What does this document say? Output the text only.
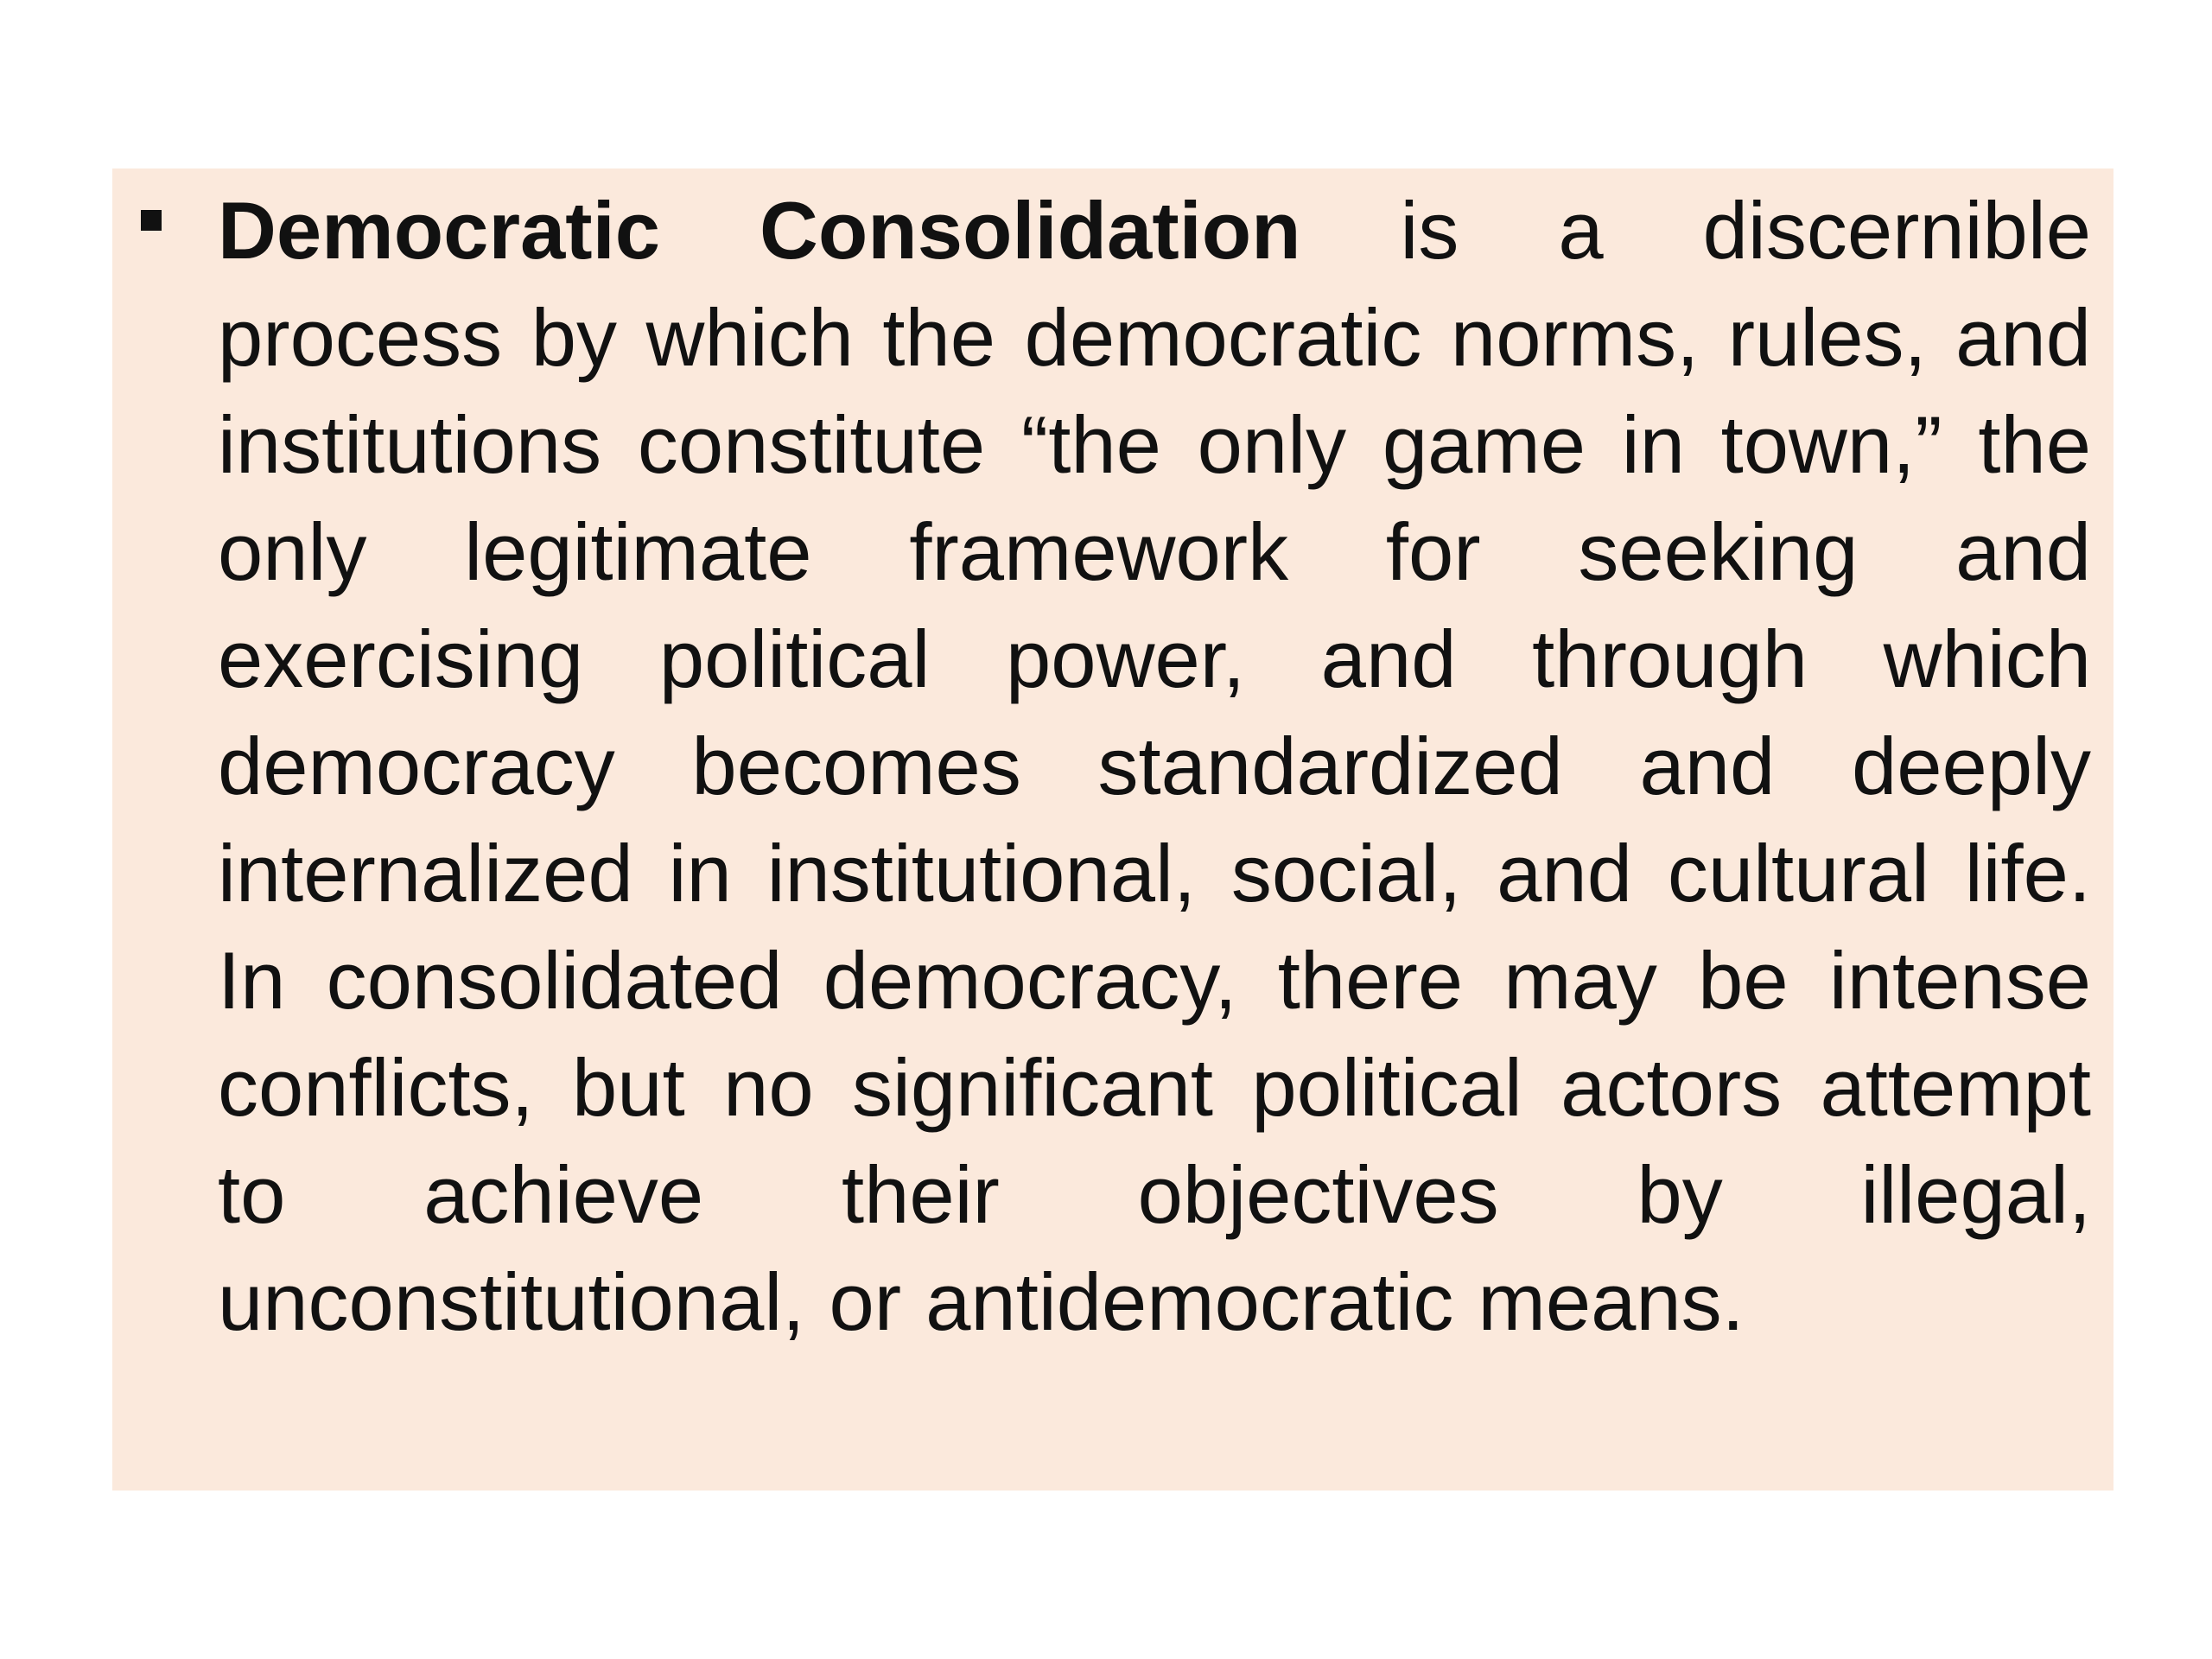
Democratic Consolidation is a discernible process by which the democratic norms, rules, and institutions constitute “the only game in town,” the only legitimate framework for seeking and exercising political power, and through which democracy becomes standardized and deeply internalized in institutional, social, and cultural life. In consolidated democracy, there may be intense conflicts, but no significant political actors attempt to achieve their objectives by illegal, unconstitutional, or antidemocratic means.
